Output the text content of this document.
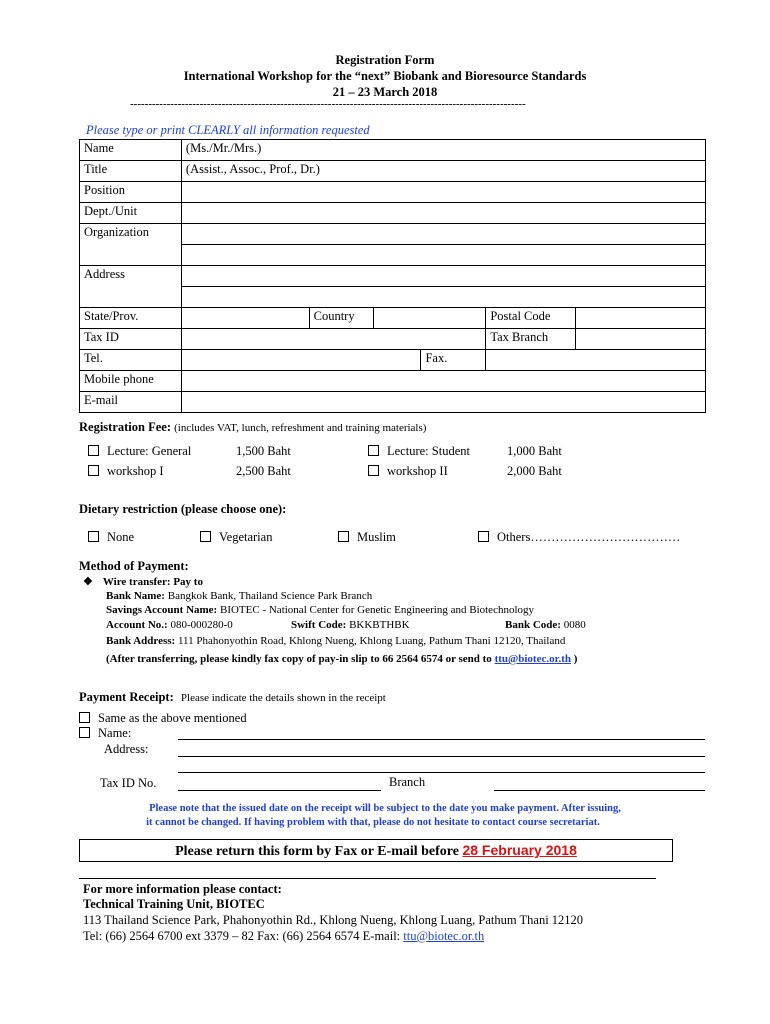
Registration Form
International Workshop for the “next” Biobank and Bioresource Standards
21 – 23 March 2018
------------------------------------------------------------------------------------------------------------
Please type or print CLEARLY all information requested
Name	(Ms./Mr./Mrs.)					
Title	(Assist., Assoc., Prof., Dr.)					
Position						
Dept./Unit						
Organization						

Address						

State/Prov.		Country			Postal Code	
Tax ID					Tax Branch	
Tel.				Fax.		
Mobile phone						
E-mail						
Registration Fee: (includes VAT, lunch, refreshment and training materials)
Lecture: General	1,500 Baht
workshop I	2,500 Baht
Lecture: Student	1,000 Baht
workshop II	2,000 Baht
Dietary restriction (please choose one):
None	Vegetarian	Muslim	Others………………………………
Method of Payment:
❖ Wire transfer: Pay to
Bank Name: Bangkok Bank, Thailand Science Park Branch
Savings Account Name: BIOTEC - National Center for Genetic Engineering and Biotechnology
Account No.: 080-000280-0	Swift Code: BKKBTHBK	Bank Code: 0080
Bank Address: 111 Phahonyothin Road, Khlong Nueng, Khlong Luang, Pathum Thani 12120, Thailand
(After transferring, please kindly fax copy of pay-in slip to 66 2564 6574 or send to ttu@biotec.or.th )
Payment Receipt: Please indicate the details shown in the receipt
Same as the above mentioned
Name:
Address:
Tax ID No.	Branch
Please note that the issued date on the receipt will be subject to the date you make payment. After issuing,
it cannot be changed. If having problem with that, please do not hesitate to contact course secretariat.
Please return this form by Fax or E-mail before 28 February 2018
For more information please contact:
Technical Training Unit, BIOTEC
113 Thailand Science Park, Phahonyothin Rd., Khlong Nueng, Khlong Luang, Pathum Thani 12120
Tel: (66) 2564 6700 ext 3379 – 82 Fax: (66) 2564 6574 E-mail: ttu@biotec.or.th
